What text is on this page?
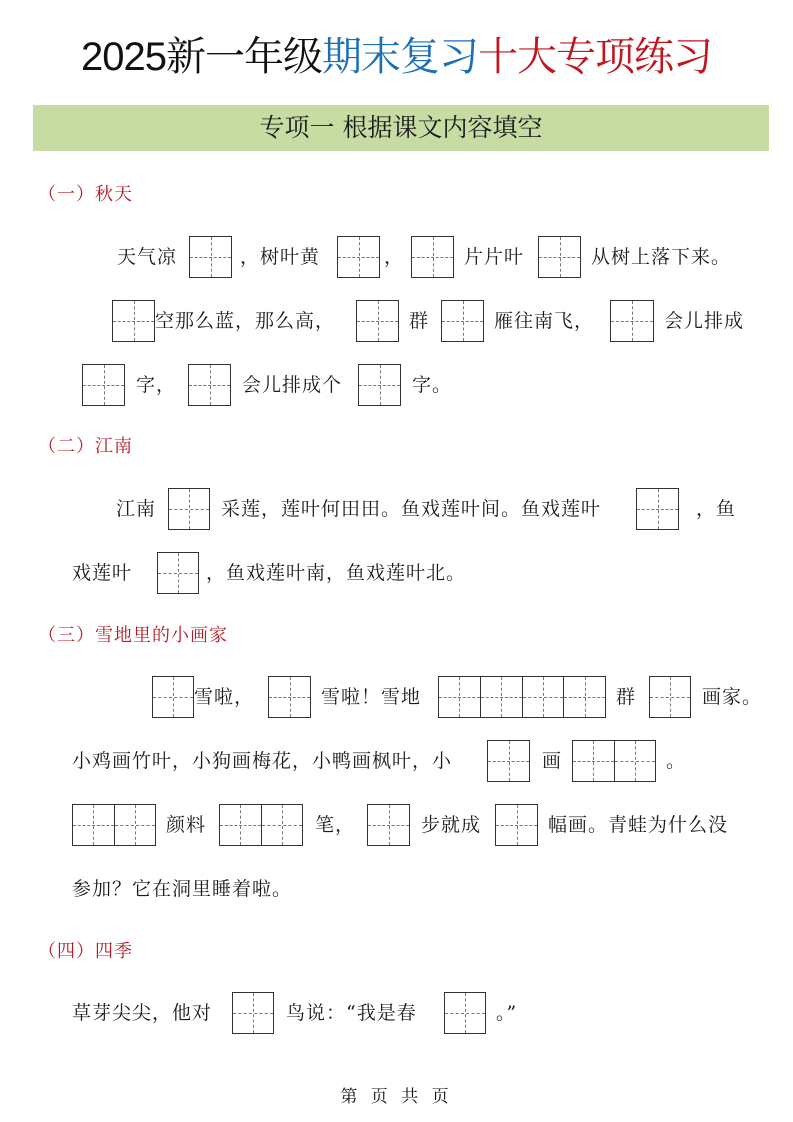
2025新一年级期末复习十大专项练习
专项一 根据课文内容填空
（一）秋天
天气凉	，树叶黄	，	片片叶	从树上落下来。
空那么蓝，那么高，	群	雁往南飞，	会儿排成
字，	会儿排成个	字。
（二）江南
江南	采莲，莲叶何田田。鱼戏莲叶间。鱼戏莲叶	，鱼
戏莲叶	，鱼戏莲叶南，鱼戏莲叶北。
（三）雪地里的小画家
雪啦，	雪啦！雪地	群	画家。
小鸡画竹叶，小狗画梅花，小鸭画枫叶，小	画	。
颜料	笔，	步就成	幅画。青蛙为什么没
参加？它在洞里睡着啦。
（四）四季
草芽尖尖，他对	鸟说：“我是春	。”
第 页 共 页
